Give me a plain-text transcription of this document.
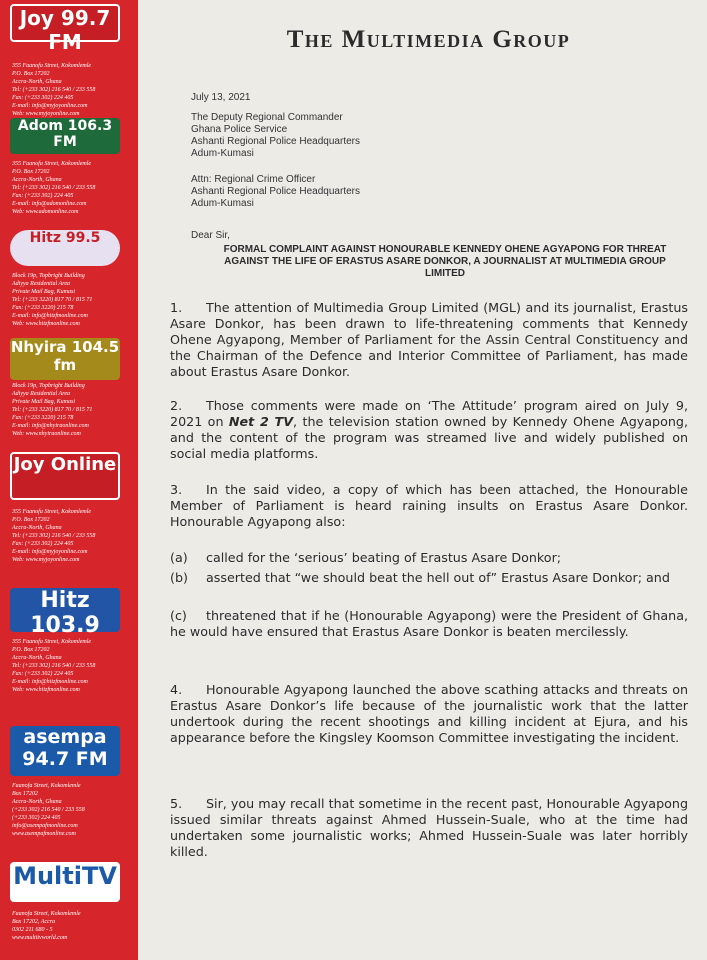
Joy 99.7 FM
355 Faanofa Street, Kokomlemle
P.O. Box 17202
Accra-North, Ghana
Tel: (+233 302) 216 540 / 233 558
Fax: (+233 302) 224 405
E-mail: info@myjoyonline.com
Web: www.myjoyonline.com
Adom 106.3 FM
355 Faanofa Street, Kokomlemle
P.O. Box 17202
Accra-North, Ghana
Tel: (+233 302) 216 540 / 233 558
Fax: (+233 302) 224 405
E-mail: info@adomonline.com
Web: www.adomonline.com
Hitz 99.5
Block 19p, Topbright Building
Adiyya Residential Area
Private Mail Bag, Kumasi
Tel: (+233 3220) 817 70 / 815 71
Fax: (+233 3220) 215 78
E-mail: info@hitzfmonline.com
Web: www.hitzfmonline.com
Nhyira 104.5 fm
Block 19p, Topbright Building
Adiyya Residential Area
Private Mail Bag, Kumasi
Tel: (+233 3220) 817 70 / 815 71
Fax: (+233 3220) 215 78
E-mail: info@nhyiraonline.com
Web: www.nhyiraonline.com
Joy Online
355 Faanofa Street, Kokomlemle
P.O. Box 17202
Accra-North, Ghana
Tel: (+233 302) 216 540 / 233 558
Fax: (+233 302) 224 405
E-mail: info@myjoyonline.com
Web: www.myjoyonline.com
Hitz 103.9
355 Faanofa Street, Kokomlemle
P.O. Box 17202
Accra-North, Ghana
Tel: (+233 302) 216 540 / 233 558
Fax: (+233 302) 224 405
E-mail: info@hitzfmonline.com
Web: www.hitzfmonline.com
asempa 94.7 FM
Faanofa Street, Kokomlemle
Box 17202
Accra-North, Ghana
(+233 302) 216 540 / 233 558
(+233 302) 224 405
info@asempafmonline.com
www.asempafmonline.com
MultiTV
Faanofa Street, Kokomlemle
Box 17202, Accra
0302 211 680 - 5
www.multitvworld.com
The Multimedia Group
July 13, 2021
The Deputy Regional Commander
Ghana Police Service
Ashanti Regional Police Headquarters
Adum-Kumasi
Attn: Regional Crime Officer
Ashanti Regional Police Headquarters
Adum-Kumasi
Dear Sir,
FORMAL COMPLAINT AGAINST HONOURABLE KENNEDY OHENE AGYAPONG FOR THREAT AGAINST THE LIFE OF ERASTUS ASARE DONKOR, A JOURNALIST AT MULTIMEDIA GROUP LIMITED
1. The attention of Multimedia Group Limited (MGL) and its journalist, Erastus Asare Donkor, has been drawn to life-threatening comments that Kennedy Ohene Agyapong, Member of Parliament for the Assin Central Constituency and the Chairman of the Defence and Interior Committee of Parliament, has made about Erastus Asare Donkor.
2. Those comments were made on ‘The Attitude’ program aired on July 9, 2021 on Net 2 TV, the television station owned by Kennedy Ohene Agyapong, and the content of the program was streamed live and widely published on social media platforms.
3. In the said video, a copy of which has been attached, the Honourable Member of Parliament is heard raining insults on Erastus Asare Donkor. Honourable Agyapong also:
(a) called for the ‘serious’ beating of Erastus Asare Donkor;
(b) asserted that “we should beat the hell out of” Erastus Asare Donkor; and
(c) threatened that if he (Honourable Agyapong) were the President of Ghana, he would have ensured that Erastus Asare Donkor is beaten mercilessly.
4. Honourable Agyapong launched the above scathing attacks and threats on Erastus Asare Donkor’s life because of the journalistic work that the latter undertook during the recent shootings and killing incident at Ejura, and his appearance before the Kingsley Koomson Committee investigating the incident.
5. Sir, you may recall that sometime in the recent past, Honourable Agyapong issued similar threats against Ahmed Hussein-Suale, who at the time had undertaken some journalistic works; Ahmed Hussein-Suale was later horribly killed.
